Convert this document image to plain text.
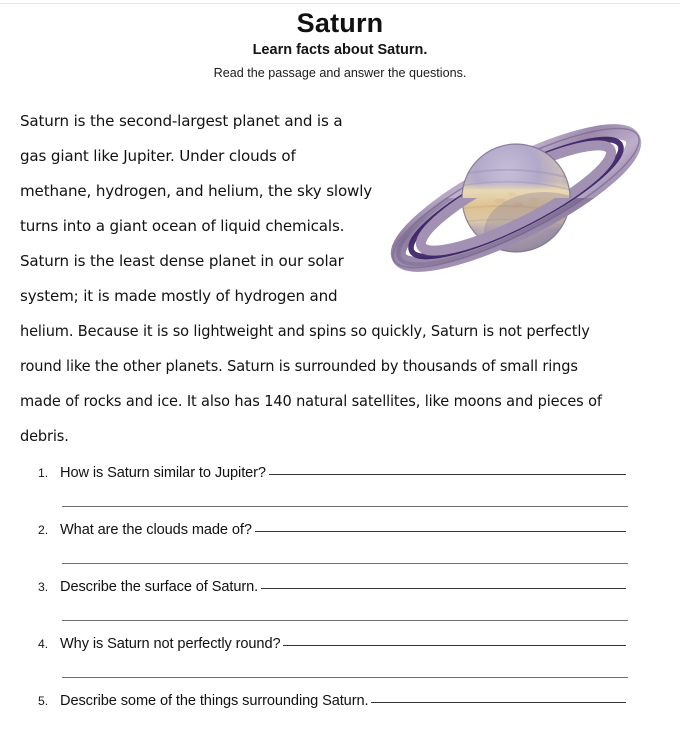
Saturn
Learn facts about Saturn.
Read the passage and answer the questions.
Saturn is the second-largest planet and is a
gas giant like Jupiter. Under clouds of
methane, hydrogen, and helium, the sky slowly
turns into a giant ocean of liquid chemicals.
Saturn is the least dense planet in our solar
system; it is made mostly of hydrogen and
helium. Because it is so lightweight and spins so quickly, Saturn is not perfectly
round like the other planets. Saturn is surrounded by thousands of small rings
made of rocks and ice. It also has 140 natural satellites, like moons and pieces of
debris.
1. How is Saturn similar to Jupiter?
2. What are the clouds made of?
3. Describe the surface of Saturn.
4. Why is Saturn not perfectly round?
5. Describe some of the things surrounding Saturn.
